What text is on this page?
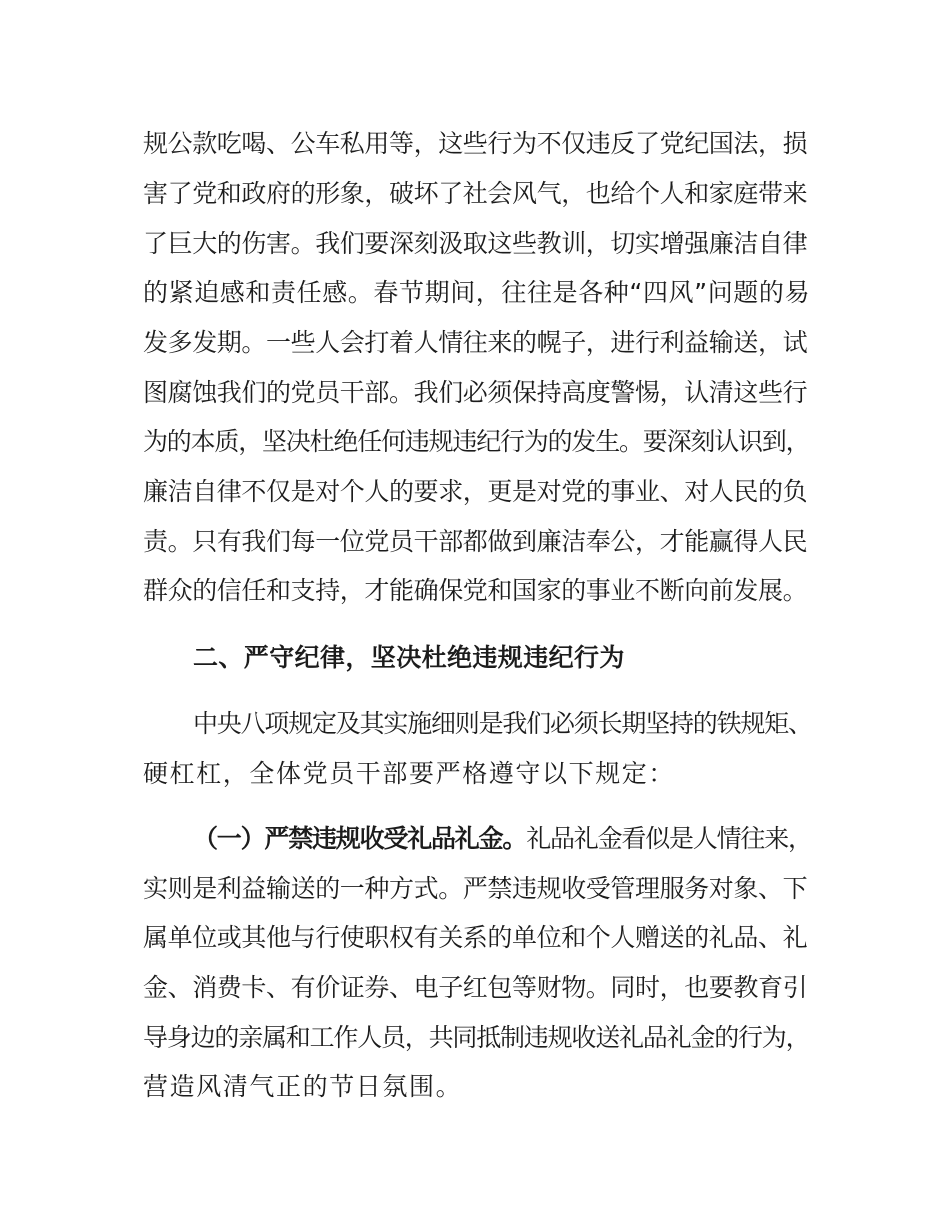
规公款吃喝、公车私用等，这些行为不仅违反了党纪国法，损
害了党和政府的形象，破坏了社会风气，也给个人和家庭带来
了巨大的伤害。我们要深刻汲取这些教训，切实增强廉洁自律
的紧迫感和责任感。春节期间，往往是各种“四风”问题的易
发多发期。一些人会打着人情往来的幌子，进行利益输送，试
图腐蚀我们的党员干部。我们必须保持高度警惕，认清这些行
为的本质，坚决杜绝任何违规违纪行为的发生。要深刻认识到，
廉洁自律不仅是对个人的要求，更是对党的事业、对人民的负
责。只有我们每一位党员干部都做到廉洁奉公，才能赢得人民
群众的信任和支持，才能确保党和国家的事业不断向前发展。
二、严守纪律，坚决杜绝违规违纪行为
中央八项规定及其实施细则是我们必须长期坚持的铁规矩、
硬杠杠，全体党员干部要严格遵守以下规定：
（一）严禁违规收受礼品礼金。礼品礼金看似是人情往来，
实则是利益输送的一种方式。严禁违规收受管理服务对象、下
属单位或其他与行使职权有关系的单位和个人赠送的礼品、礼
金、消费卡、有价证券、电子红包等财物。同时，也要教育引
导身边的亲属和工作人员，共同抵制违规收送礼品礼金的行为，
营造风清气正的节日氛围。
